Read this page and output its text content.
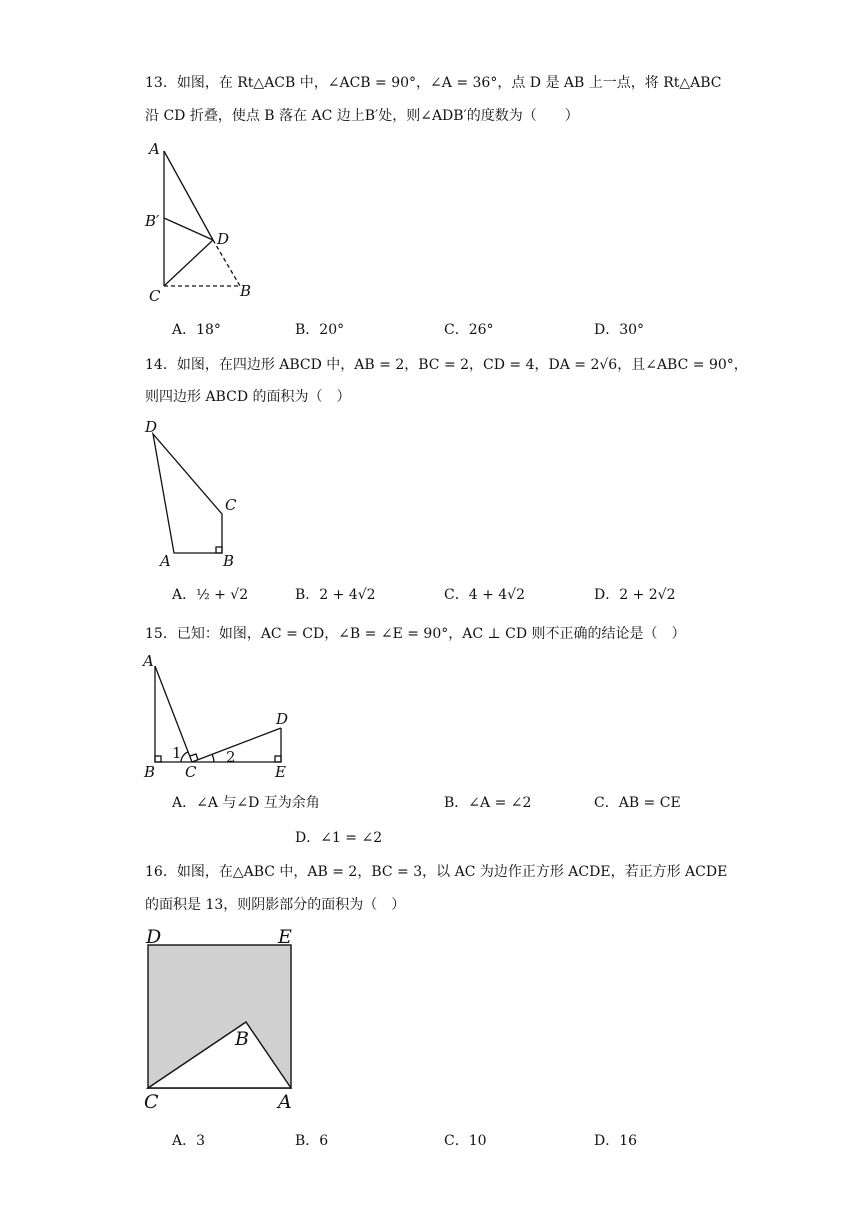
13．如图，在 Rt△ACB 中，∠ACB = 90°，∠A = 36°，点 D 是 AB 上一点，将 Rt△ABC
沿 CD 折叠，使点 B 落在 AC 边上B′处，则∠ADB′的度数为（　　）
A
B′
D
C	B
A．18°	B．20°	C．26°	D．30°
14．如图，在四边形 ABCD 中，AB = 2，BC = 2，CD = 4，DA = 2√6，且∠ABC = 90°，
则四边形 ABCD 的面积为（　）
D
C
A	B
A．½ + √2	B．2 + 4√2	C．4 + 4√2	D．2 + 2√2
15．已知：如图，AC = CD，∠B = ∠E = 90°，AC ⊥ CD 则不正确的结论是（　）
A
D
B C	E
1	2
A．∠A 与∠D 互为余角	B．∠A = ∠2	C．AB = CE
D．∠1 = ∠2
16．如图，在△ABC 中，AB = 2，BC = 3，以 AC 为边作正方形 ACDE，若正方形 ACDE
的面积是 13，则阴影部分的面积为（　）
D	E
B
C	A
A．3	B．6	C．10	D．16
